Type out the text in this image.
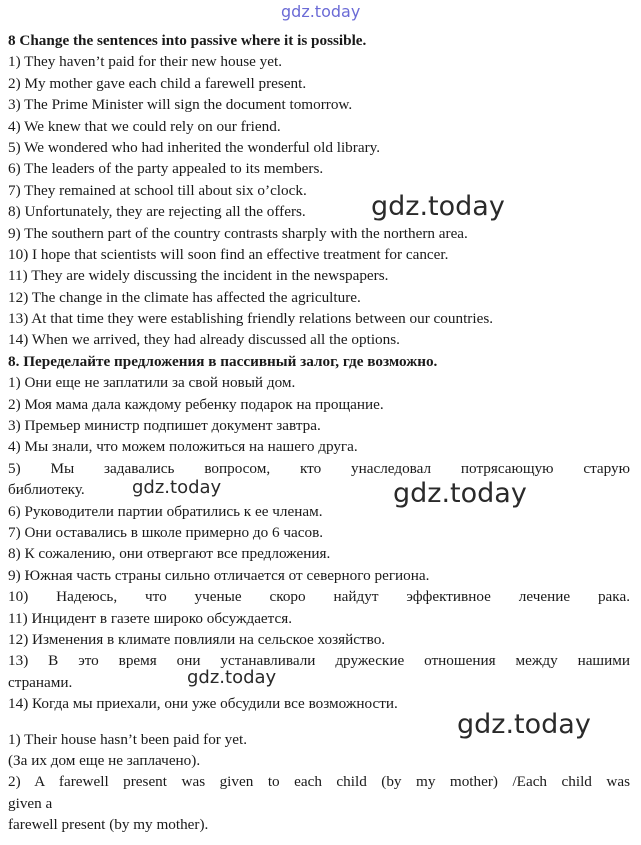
gdz.today
8 Change the sentences into passive where it is possible.
1) They haven’t paid for their new house yet.
2) My mother gave each child a farewell present.
3) The Prime Minister will sign the document tomorrow.
4) We knew that we could rely on our friend.
5) We wondered who had inherited the wonderful old library.
6) The leaders of the party appealed to its members.
7) They remained at school till about six o’clock.
8) Unfortunately, they are rejecting all the offers.
9) The southern part of the country contrasts sharply with the northern area.
10) I hope that scientists will soon find an effective treatment for cancer.
11) They are widely discussing the incident in the newspapers.
12) The change in the climate has affected the agriculture.
13) At that time they were establishing friendly relations between our countries.
14) When we arrived, they had already discussed all the options.
8. Переделайте предложения в пассивный залог, где возможно.
1) Они еще не заплатили за свой новый дом.
2) Моя мама дала каждому ребенку подарок на прощание.
3) Премьер министр подпишет документ завтра.
4) Мы знали, что можем положиться на нашего друга.
5) Мы задавались вопросом, кто унаследовал потрясающую старую
библиотеку.
6) Руководители партии обратились к ее членам.
7) Они оставались в школе примерно до 6 часов.
8) К сожалению, они отвергают все предложения.
9) Южная часть страны сильно отличается от северного региона.
10) Надеюсь, что ученые скоро найдут эффективное лечение рака.
11) Инцидент в газете широко обсуждается.
12) Изменения в климате повлияли на сельское хозяйство.
13) В это время они устанавливали дружеские отношения между нашими
странами.
14) Когда мы приехали, они уже обсудили все возможности.
1) Their house hasn’t been paid for yet.
(За их дом еще не заплачено).
2) A farewell present was given to each child (by my mother) /Each child was
given a
farewell present (by my mother).
gdz.today
gdz.today	gdz.today
gdz.today
gdz.today
